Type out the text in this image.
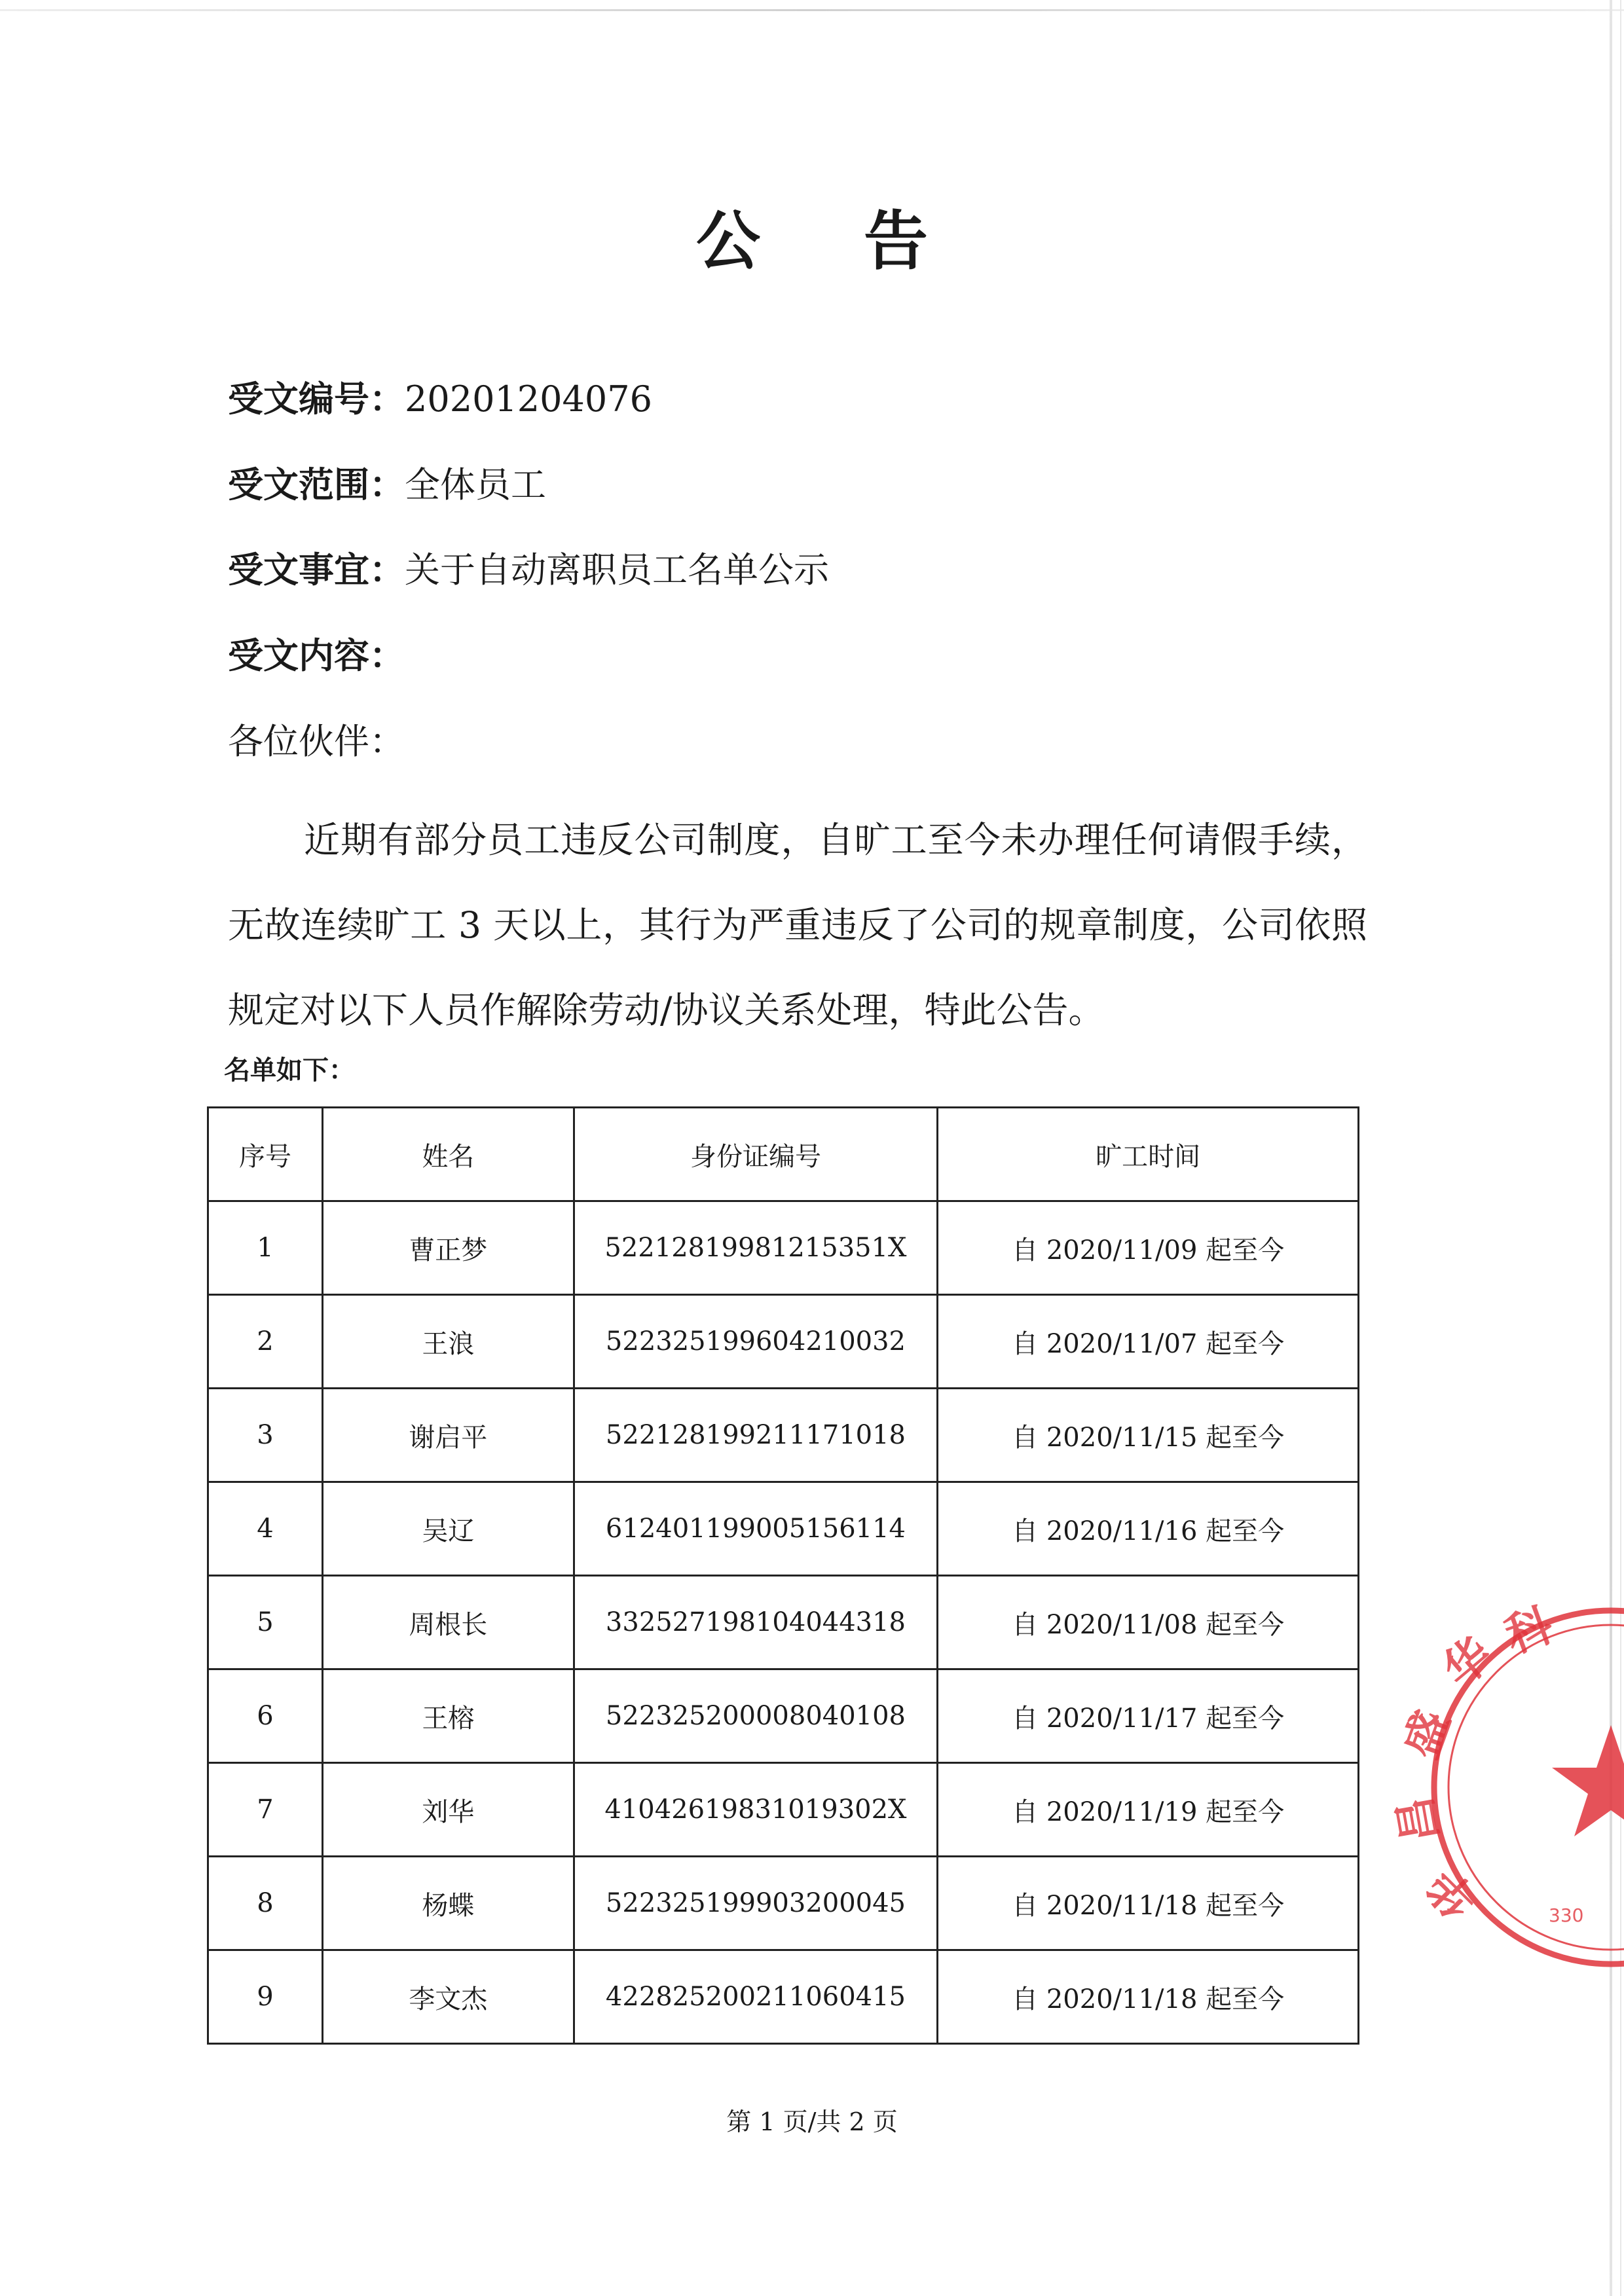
公 告
受文编号：20201204076
受文范围：全体员工
受文事宜：关于自动离职员工名单公示
受文内容：
各位伙伴：
近期有部分员工违反公司制度，自旷工至今未办理任何请假手续，无故连续旷工 3 天以上，其行为严重违反了公司的规章制度，公司依照规定对以下人员作解除劳动/协议关系处理，特此公告。
名单如下：
序号	姓名	身份证编号	旷工时间
1	曹正梦	52212819981215351X	自 2020/11/09 起至今
2	王浪	522325199604210032	自 2020/11/07 起至今
3	谢启平	522128199211171018	自 2020/11/15 起至今
4	吴辽	612401199005156114	自 2020/11/16 起至今
5	周根长	332527198104044318	自 2020/11/08 起至今
6	王榕	522325200008040108	自 2020/11/17 起至今
7	刘华	41042619831019302X	自 2020/11/19 起至今
8	杨蝶	522325199903200045	自 2020/11/18 起至今
9	李文杰	422825200211060415	自 2020/11/18 起至今
第 1 页/共 2 页
华
盛
昌
华
科
330
